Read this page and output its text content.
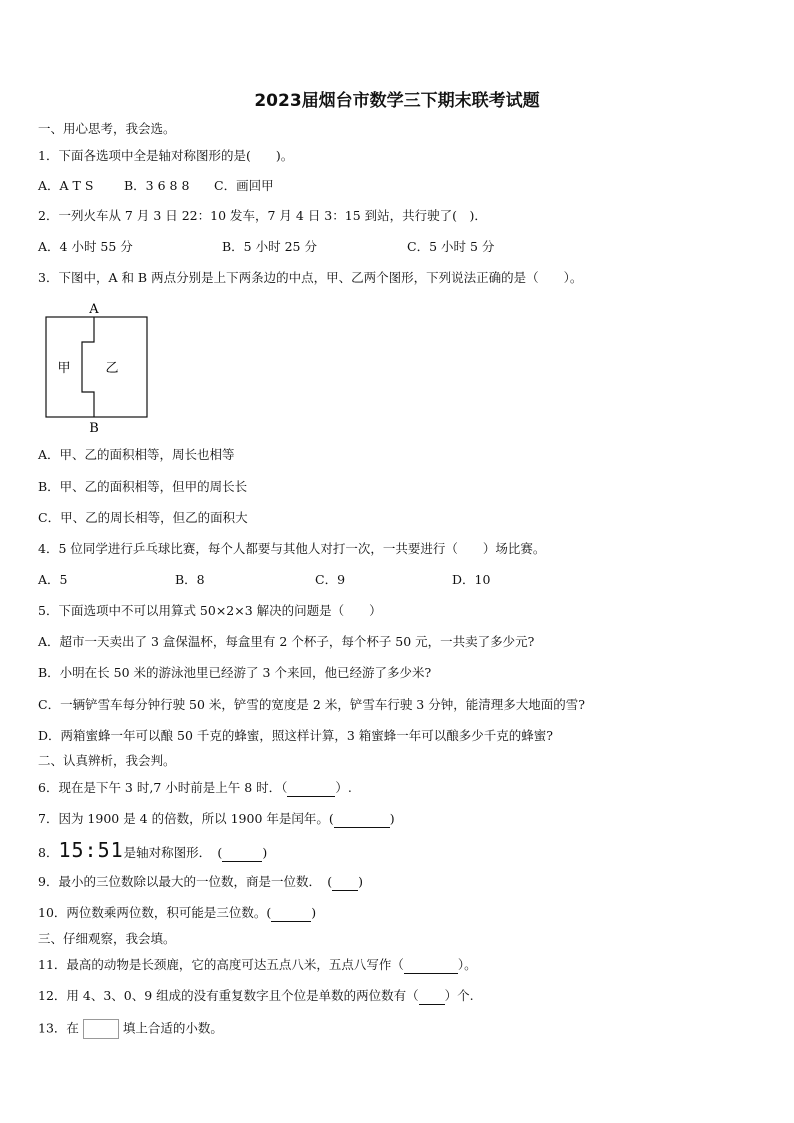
2023届烟台市数学三下期末联考试题
一、用心思考，我会选。
1．下面各选项中全是轴对称图形的是(　　)。
A．A T S B．3 6 8 8 C．画回甲
2．一列火车从 7 月 3 日 22：10 发车，7 月 4 日 3：15 到站，共行驶了(　)．
A．4 小时 55 分	B．5 小时 25 分	C．5 小时 5 分
3．下图中，A 和 B 两点分别是上下两条边的中点，甲、乙两个图形，下列说法正确的是（　　）。
A
甲	乙
B
A．甲、乙的面积相等，周长也相等
B．甲、乙的面积相等，但甲的周长长
C．甲、乙的周长相等，但乙的面积大
4．5 位同学进行乒乓球比赛，每个人都要与其他人对打一次，一共要进行（　　）场比赛。
A．5	B．8	C．9	D．10
5．下面选项中不可以用算式 50×2×3 解决的问题是（　　）
A．超市一天卖出了 3 盒保温杯，每盒里有 2 个杯子，每个杯子 50 元，一共卖了多少元?
B．小明在长 50 米的游泳池里已经游了 3 个来回，他已经游了多少米?
C．一辆铲雪车每分钟行驶 50 米，铲雪的宽度是 2 米，铲雪车行驶 3 分钟，能清理多大地面的雪?
D．两箱蜜蜂一年可以酿 50 千克的蜂蜜，照这样计算，3 箱蜜蜂一年可以酿多少千克的蜂蜜?
二、认真辨析，我会判。
6．现在是下午 3 时,7 小时前是上午 8 时．（	）.
7．因为 1900 是 4 的倍数，所以 1900 年是闰年。(	)
8．15:51是轴对称图形．　(	)
9．最小的三位数除以最大的一位数，商是一位数．　( )
10．两位数乘两位数，积可能是三位数。(	)
三、仔细观察，我会填。
11．最高的动物是长颈鹿，它的高度可达五点八米，五点八写作（	）。
12．用 4、3、0、9 组成的没有重复数字且个位是单数的两位数有（ ）个.
13．在	填上合适的小数。
